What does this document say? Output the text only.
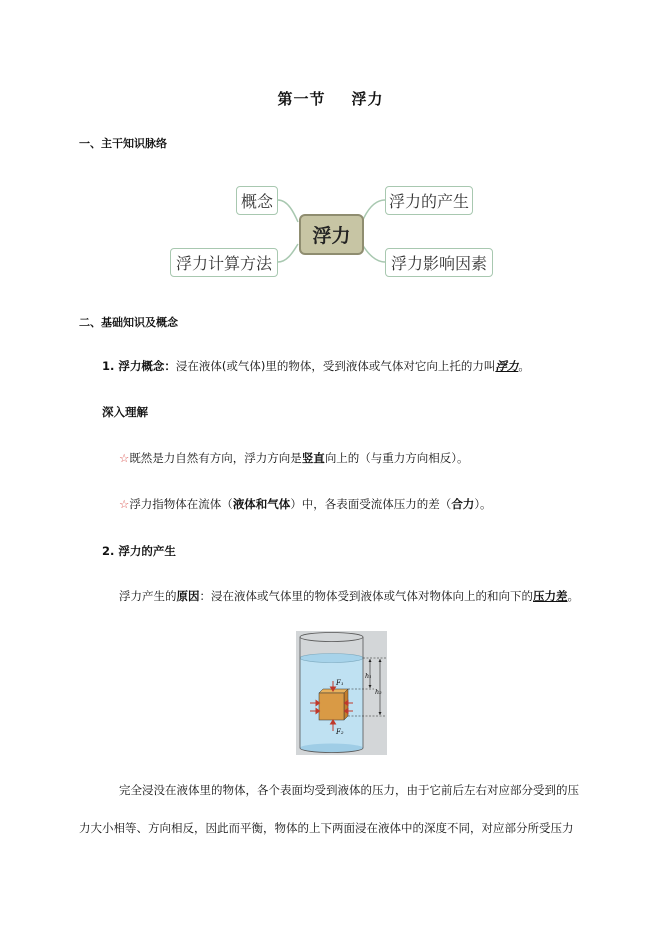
第一节 浮力
一、主干知识脉络
概念
浮力计算方法
浮力
浮力的产生
浮力影响因素
二、基础知识及概念
1. 浮力概念：浸在液体(或气体)里的物体，受到液体或气体对它向上托的力叫浮力。
深入理解
☆既然是力自然有方向，浮力方向是竖直向上的（与重力方向相反）。
☆浮力指物体在流体（液体和气体）中，各表面受流体压力的差（合力）。
2. 浮力的产生
浮力产生的原因：浸在液体或气体里的物体受到液体或气体对物体向上的和向下的压力差。
F₁
F₂
h₁
h₂
完全浸没在液体里的物体，各个表面均受到液体的压力，由于它前后左右对应部分受到的压
力大小相等、方向相反，因此而平衡，物体的上下两面浸在液体中的深度不同，对应部分所受压力
